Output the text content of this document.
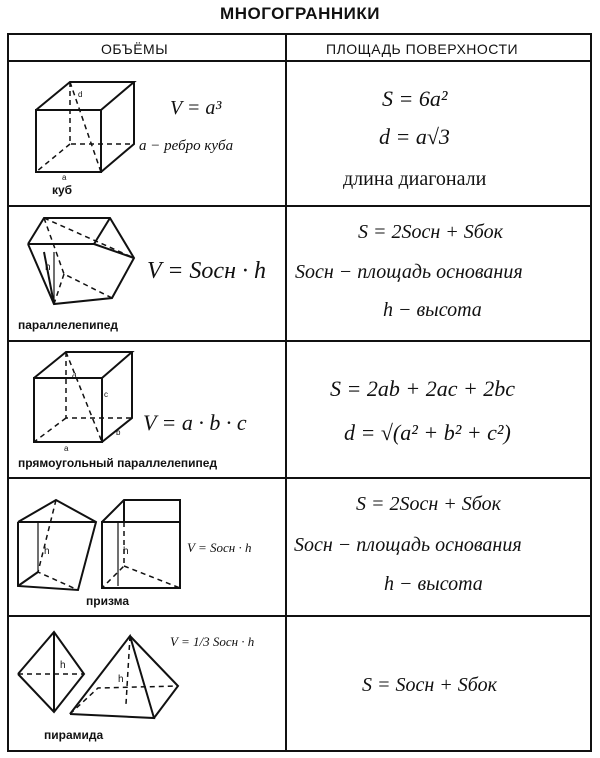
МНОГОГРАННИКИ
ОБЪЁМЫ	ПЛОЩАДЬ ПОВЕРХНОСТИ
d
a
куб
V = a³
a − ребро куба
S = 6a²
d = a√3
длина диагонали
h
параллелепипед
V = Sосн · h
S = 2Sосн + Sбок
Sосн − площадь основания
h − высота
d
c
b
a
прямоугольный параллелепипед
V = a · b · c
S = 2ab + 2ac + 2bc
d = √(a² + b² + c²)
h	h
призма
V = Sосн · h
S = 2Sосн + Sбок
Sосн − площадь основания
h − высота
h
h
пирамида
V = 1/3 Sосн · h
S = Sосн + Sбок
